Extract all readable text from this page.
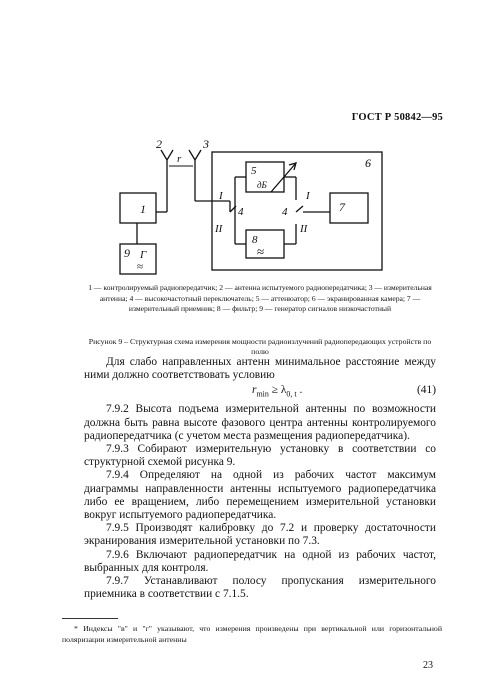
ГОСТ Р 50842—95
1
2	3
r
5
дБ
6
7
8
≈
9 Г
≈
4	4
I
II
I
II
1 — контролируемый радиопередатчик; 2 — антенна испытуемого радиопередатчика; 3 — измерительная антенна; 4 — высокочастотный переключатель; 5 — аттенюатор; 6 — экранированная камера; 7 — измерительный приемник; 8 — фильтр; 9 — генератор сигналов низкочастотный
Рисунок 9 – Структурная схема измерения мощности радиоизлучений радиопередающих устройств по полю

Для слабо направленных антенн минимальное расстояние между ними должно соответствовать условию

$r_{min} \ge \lambda_{0, t}$ .	(41)

7.9.2 Высота подъема измерительной антенны по возможности должна быть равна высоте фазового центра антенны контролируемого радиопередатчика (с учетом места размещения радиопередатчика).

7.9.3 Собирают измерительную установку в соответствии со структурной схемой рисунка 9.

7.9.4 Определяют на одной из рабочих частот максимум диаграммы направленности антенны испытуемого радиопередатчика либо ее вращением, либо перемещением измерительной установки вокруг испытуемого радиопередатчика.

7.9.5 Производят калибровку до 7.2 и проверку достаточности экранирования измерительной установки по 7.3.

7.9.6 Включают радиопередатчик на одной из рабочих частот, выбранных для контроля.

7.9.7 Устанавливают полосу пропускания измерительного приемника в соответствии с 7.1.5.

* Индексы "в" и "г" указывают, что измерения произведены при вертикальной или горизонтальной поляризации измерительной антенны
23
